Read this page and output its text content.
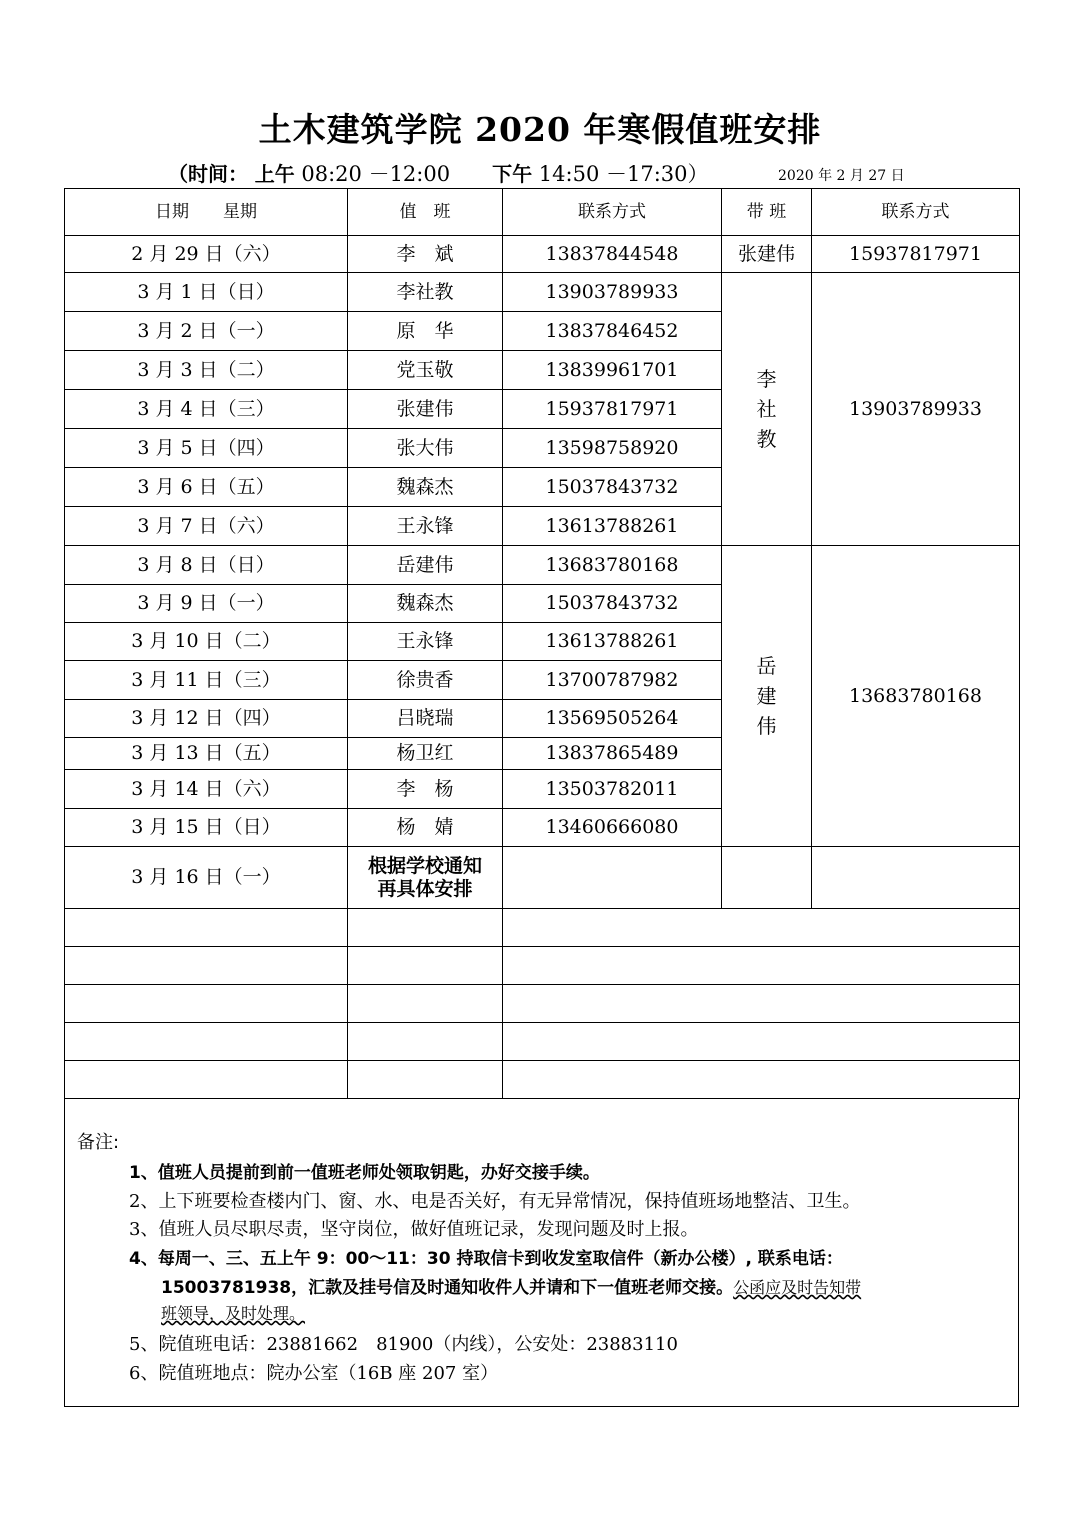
土木建筑学院 2020 年寒假值班安排
（时间： 上午 08:20 －12:00　　 下午 14:50 －17:30）	2020 年 2 月 27 日
日期　　星期	值　班	联系方式	带 班	联系方式
2 月 29 日（六）	李　斌	13837844548	张建伟	15937817971
3 月 1 日（日）	李社教	13903789933	李社教	13903789933
3 月 2 日（一）	原　华	13837846452		
3 月 3 日（二）	党玉敬	13839961701		
3 月 4 日（三）	张建伟	15937817971		
3 月 5 日（四）	张大伟	13598758920		
3 月 6 日（五）	魏森杰	15037843732		
3 月 7 日（六）	王永锋	13613788261		
3 月 8 日（日）	岳建伟	13683780168	岳建伟	13683780168
3 月 9 日（一）	魏森杰	15037843732		
3 月 10 日（二）	王永锋	13613788261		
3 月 11 日（三）	徐贵香	13700787982		
3 月 12 日（四）	吕晓瑞	13569505264		
3 月 13 日（五）	杨卫红	13837865489		
3 月 14 日（六）	李　杨	13503782011		
3 月 15 日（日）	杨　婧	13460666080		
3 月 16 日（一）	根据学校通知
再具体安排			

备注:
1、值班人员提前到前一值班老师处领取钥匙，办好交接手续。
2、上下班要检查楼内门、窗、水、电是否关好，有无异常情况，保持值班场地整洁、卫生。
3、值班人员尽职尽责，坚守岗位，做好值班记录，发现问题及时上报。
4、每周一、三、五上午 9：00～11：30 持取信卡到收发室取信件（新办公楼）, 联系电话：
15003781938，汇款及挂号信及时通知收件人并请和下一值班老师交接。公函应及时告知带
班领导，及时处理。
5、院值班电话：23881662　81900（内线），公安处：23883110
6、院值班地点：院办公室（16B 座 207 室）
